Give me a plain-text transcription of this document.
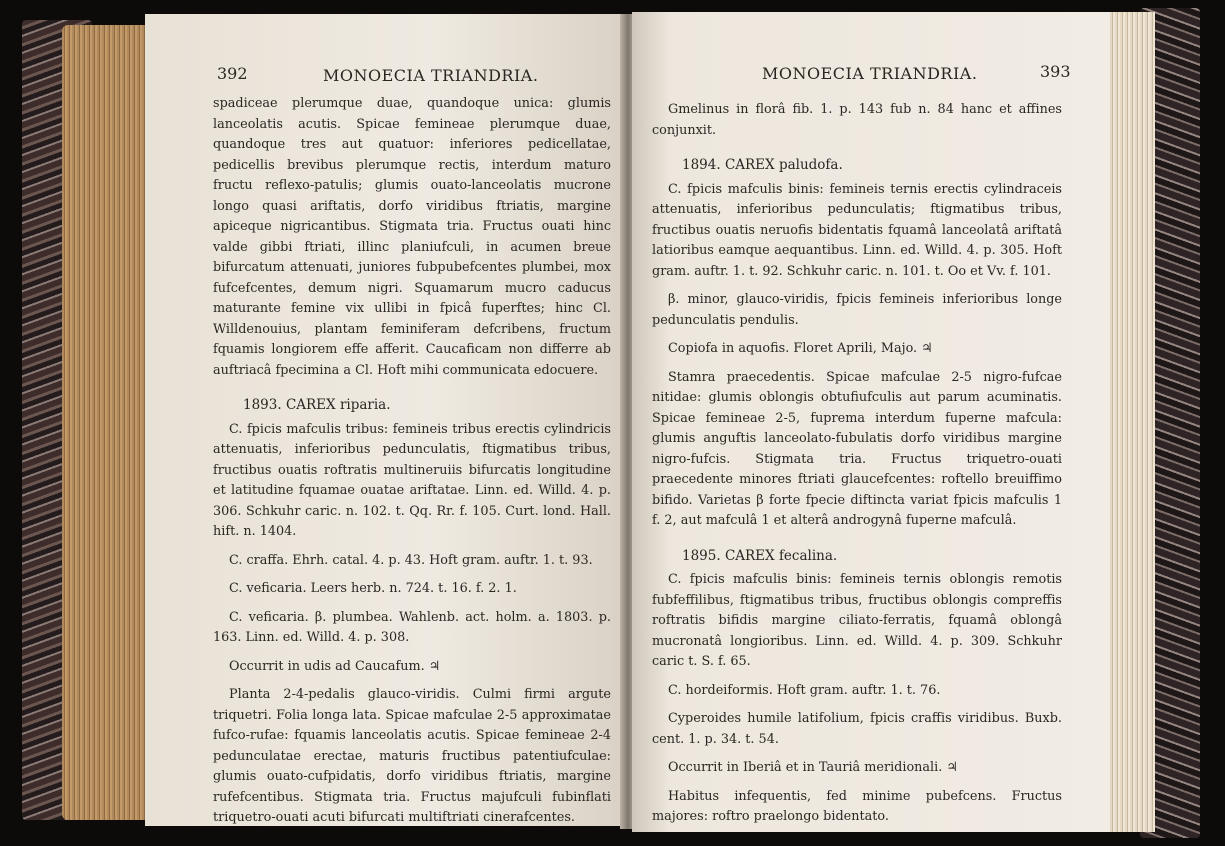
392	MONOECIA TRIANDRIA.

spadiceae plerumque duae, quandoque unica: glumis lanceolatis acutis. Spicae femineae plerumque duae, quandoque tres aut quatuor: inferiores pedicellatae, pedicellis brevibus plerumque rectis, interdum maturo fructu reflexo-patulis; glumis ouato-lanceolatis mucrone longo quasi ariftatis, dorfo viridibus ftriatis, margine apiceque nigricantibus. Stigmata tria. Fructus ouati hinc valde gibbi ftriati, illinc planiufculi, in acumen breue bifurcatum attenuati, juniores fubpubefcentes plumbei, mox fufcefcentes, demum nigri. Squamarum mucro caducus maturante femine vix ullibi in fpicâ fuperftes; hinc Cl. Willdenouius, plantam feminiferam defcribens, fructum fquamis longiorem effe afferit. Caucaficam non differre ab auftriacâ fpecimina a Cl. Hoft mihi communicata edocuere.

1893. CAREX riparia.

C. fpicis mafculis tribus: femineis tribus erectis cylindricis attenuatis, inferioribus pedunculatis, ftigmatibus tribus, fructibus ouatis roftratis multineruiis bifurcatis longitudine et latitudine fquamae ouatae ariftatae. Linn. ed. Willd. 4. p. 306. Schkuhr caric. n. 102. t. Qq. Rr. f. 105. Curt. lond. Hall. hift. n. 1404.

C. craffa. Ehrh. catal. 4. p. 43. Hoft gram. auftr. 1. t. 93.

C. veficaria. Leers herb. n. 724. t. 16. f. 2. 1.

C. veficaria. β. plumbea. Wahlenb. act. holm. a. 1803. p. 163. Linn. ed. Willd. 4. p. 308.

Occurrit in udis ad Caucafum. ♃

Planta 2-4-pedalis glauco-viridis. Culmi firmi argute triquetri. Folia longa lata. Spicae mafculae 2-5 approximatae fufco-rufae: fquamis lanceolatis acutis. Spicae femineae 2-4 pedunculatae erectae, maturis fructibus patentiufculae: glumis ouato-cufpidatis, dorfo viridibus ftriatis, margine rufefcentibus. Stigmata tria. Fructus majufculi fubinflati triquetro-ouati acuti bifurcati multiftriati cinerafcentes.

MONOECIA TRIANDRIA.	393

Gmelinus in florâ fib. 1. p. 143 fub n. 84 hanc et affines conjunxit.

1894. CAREX paludofa.

C. fpicis mafculis binis: femineis ternis erectis cylindraceis attenuatis, inferioribus pedunculatis; ftigmatibus tribus, fructibus ouatis neruofis bidentatis fquamâ lanceolatâ ariftatâ latioribus eamque aequantibus. Linn. ed. Willd. 4. p. 305. Hoft gram. auftr. 1. t. 92. Schkuhr caric. n. 101. t. Oo et Vv. f. 101.

β. minor, glauco-viridis, fpicis femineis inferioribus longe pedunculatis pendulis.

Copiofa in aquofis. Floret Aprili, Majo. ♃

Stamra praecedentis. Spicae mafculae 2-5 nigro-fufcae nitidae: glumis oblongis obtufiufculis aut parum acuminatis. Spicae femineae 2-5, fuprema interdum fuperne mafcula: glumis anguftis lanceolato-fubulatis dorfo viridibus margine nigro-fufcis. Stigmata tria. Fructus triquetro-ouati praecedente minores ftriati glaucefcentes: roftello breuiffimo bifido. Varietas β forte fpecie diftincta variat fpicis mafculis 1 f. 2, aut mafculâ 1 et alterâ androgynâ fuperne mafculâ.

1895. CAREX fecalina.

C. fpicis mafculis binis: femineis ternis oblongis remotis fubfeffilibus, ftigmatibus tribus, fructibus oblongis compreffis roftratis bifidis margine ciliato-ferratis, fquamâ oblongâ mucronatâ longioribus. Linn. ed. Willd. 4. p. 309. Schkuhr caric t. S. f. 65.

C. hordeiformis. Hoft gram. auftr. 1. t. 76.

Cyperoides humile latifolium, fpicis craffis viridibus. Buxb. cent. 1. p. 34. t. 54.

Occurrit in Iberiâ et in Tauriâ meridionali. ♃

Habitus infequentis, fed minime pubefcens. Fructus majores: roftro praelongo bidentato.
